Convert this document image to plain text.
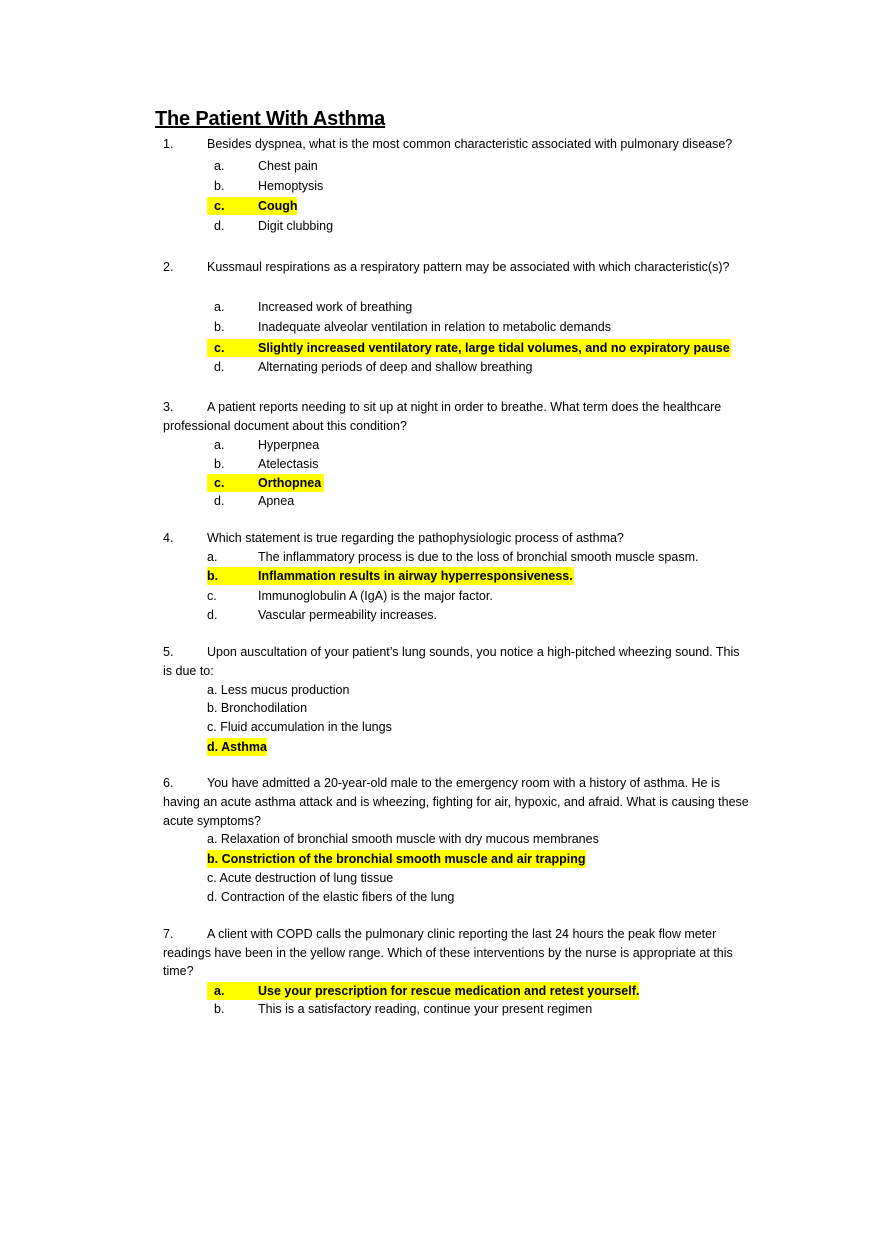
The Patient With Asthma
1.	Besides dyspnea, what is the most common characteristic associated with pulmonary disease?
a.	Chest pain
b.	Hemoptysis
c.	Cough
d.	Digit clubbing
2.	Kussmaul respirations as a respiratory pattern may be associated with which characteristic(s)?
a.	Increased work of breathing
b.	Inadequate alveolar ventilation in relation to metabolic demands
c.	Slightly increased ventilatory rate, large tidal volumes, and no expiratory pause
d.	Alternating periods of deep and shallow breathing
3.	A patient reports needing to sit up at night in order to breathe. What term does the healthcare
professional document about this condition?
a.	Hyperpnea
b.	Atelectasis
c.	Orthopnea
d.	Apnea
4.	Which statement is true regarding the pathophysiologic process of asthma?
a.	The inflammatory process is due to the loss of bronchial smooth muscle spasm.
b.	Inflammation results in airway hyperresponsiveness.
c.	Immunoglobulin A (IgA) is the major factor.
d.	Vascular permeability increases.
5.	Upon auscultation of your patient’s lung sounds, you notice a high-pitched wheezing sound. This
is due to:
a. Less mucus production
b. Bronchodilation
c. Fluid accumulation in the lungs
d. Asthma
6.	You have admitted a 20-year-old male to the emergency room with a history of asthma. He is
having an acute asthma attack and is wheezing, fighting for air, hypoxic, and afraid. What is causing these
acute symptoms?
a. Relaxation of bronchial smooth muscle with dry mucous membranes
b. Constriction of the bronchial smooth muscle and air trapping
c. Acute destruction of lung tissue
d. Contraction of the elastic fibers of the lung
7.	A client with COPD calls the pulmonary clinic reporting the last 24 hours the peak flow meter
readings have been in the yellow range. Which of these interventions by the nurse is appropriate at this
time?
a.	Use your prescription for rescue medication and retest yourself.
b.	This is a satisfactory reading, continue your present regimen
